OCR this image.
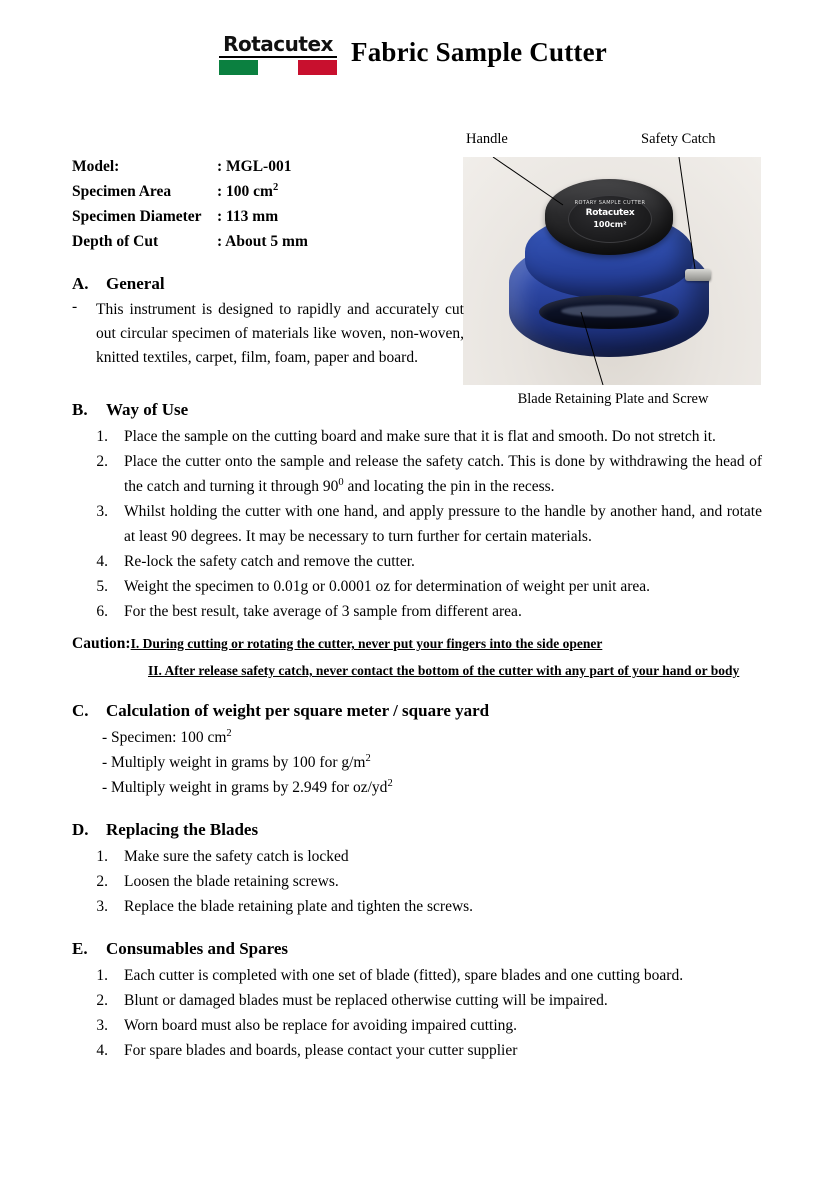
Rotacutex Fabric Sample Cutter
Model:	: MGL-001
Specimen Area	: 100 $cm^2$
Specimen Diameter : 113 mm
Depth of Cut	: About 5 mm
Handle	Safety Catch
ROTARY SAMPLE CUTTER
Rotacutex
100cm²
Blade Retaining Plate and Screw
A. General
-	This instrument is designed to rapidly and accurately cut out circular specimen of materials like woven, non-woven, knitted textiles, carpet, film, foam, paper and board.
B. Way of Use
1.	Place the sample on the cutting board and make sure that it is flat and smooth. Do not stretch it.
2.	Place the cutter onto the sample and release the safety catch. This is done by withdrawing the head of the catch and turning it through $90^0$ and locating the pin in the recess.
3.	Whilst holding the cutter with one hand, and apply pressure to the handle by another hand, and rotate at least 90 degrees. It may be necessary to turn further for certain materials.
4.	Re-lock the safety catch and remove the cutter.
5.	Weight the specimen to 0.01g or 0.0001 oz for determination of weight per unit area.
6.	For the best result, take average of 3 sample from different area.
Caution : I. During cutting or rotating the cutter, never put your fingers into the side opener
II. After release safety catch, never contact the bottom of the cutter with any part of your hand or body
C. Calculation of weight per square meter / square yard
- Specimen: 100 $cm^2$
- Multiply weight in grams by 100 for $g/m^2$
- Multiply weight in grams by 2.949 for $oz/yd^2$
D. Replacing the Blades
1.	Make sure the safety catch is locked
2.	Loosen the blade retaining screws.
3.	Replace the blade retaining plate and tighten the screws.
E. Consumables and Spares
1.	Each cutter is completed with one set of blade (fitted), spare blades and one cutting board.
2.	Blunt or damaged blades must be replaced otherwise cutting will be impaired.
3.	Worn board must also be replace for avoiding impaired cutting.
4.	For spare blades and boards, please contact your cutter supplier
